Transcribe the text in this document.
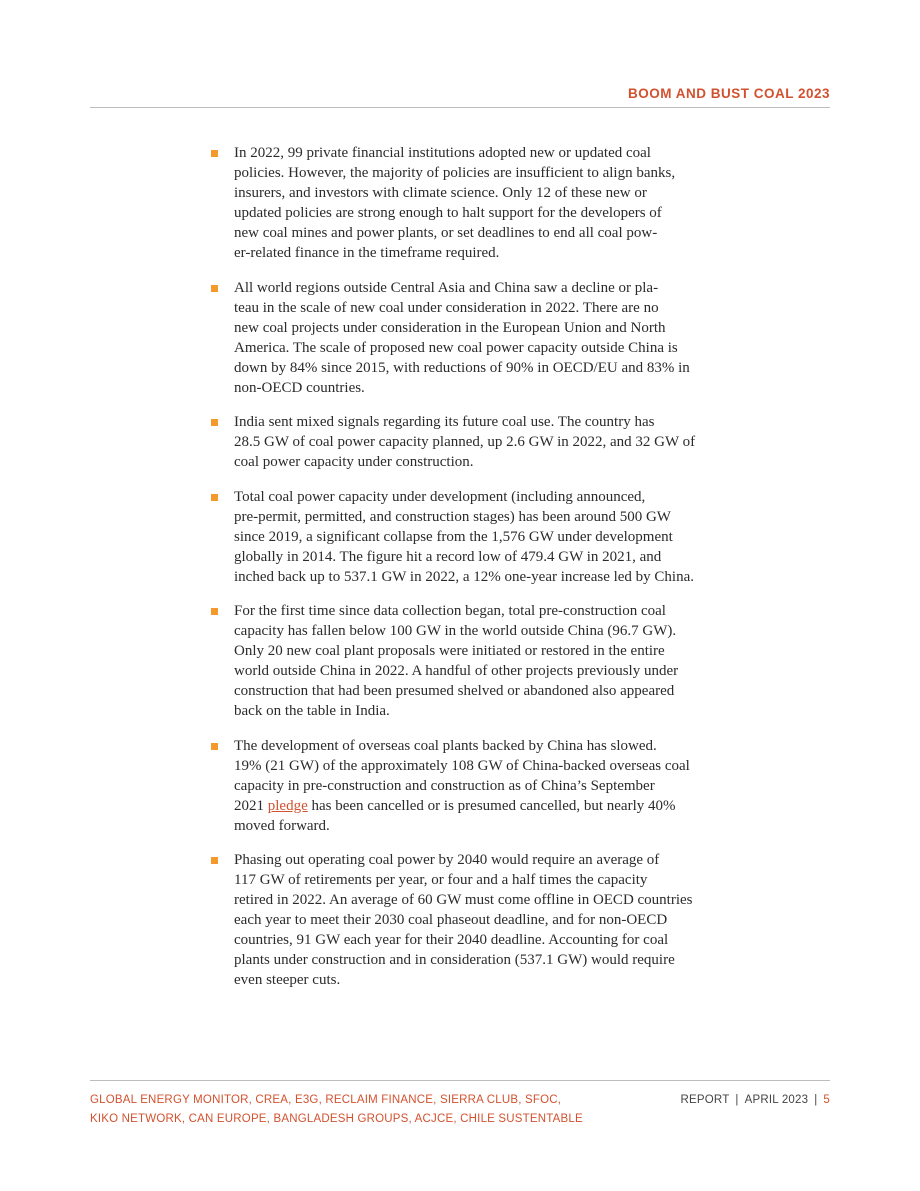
BOOM AND BUST COAL 2023

In 2022, 99 private financial institutions adopted new or updated coal
policies. However, the majority of policies are insufficient to align banks,
insurers, and investors with climate science. Only 12 of these new or
updated policies are strong enough to halt support for the developers of
new coal mines and power plants, or set deadlines to end all coal pow-
er-related finance in the timeframe required.

All world regions outside Central Asia and China saw a decline or pla-
teau in the scale of new coal under consideration in 2022. There are no
new coal projects under consideration in the European Union and North
America. The scale of proposed new coal power capacity outside China is
down by 84% since 2015, with reductions of 90% in OECD/EU and 83% in
non-OECD countries.

India sent mixed signals regarding its future coal use. The country has
28.5 GW of coal power capacity planned, up 2.6 GW in 2022, and 32 GW of
coal power capacity under construction.

Total coal power capacity under development (including announced,
pre-permit, permitted, and construction stages) has been around 500 GW
since 2019, a significant collapse from the 1,576 GW under development
globally in 2014. The figure hit a record low of 479.4 GW in 2021, and
inched back up to 537.1 GW in 2022, a 12% one-year increase led by China.

For the first time since data collection began, total pre-construction coal
capacity has fallen below 100 GW in the world outside China (96.7 GW).
Only 20 new coal plant proposals were initiated or restored in the entire
world outside China in 2022. A handful of other projects previously under
construction that had been presumed shelved or abandoned also appeared
back on the table in India.

The development of overseas coal plants backed by China has slowed.
19% (21 GW) of the approximately 108 GW of China-backed overseas coal
capacity in pre-construction and construction as of China’s September
2021 pledge has been cancelled or is presumed cancelled, but nearly 40%
moved forward.

Phasing out operating coal power by 2040 would require an average of
117 GW of retirements per year, or four and a half times the capacity
retired in 2022. An average of 60 GW must come offline in OECD countries
each year to meet their 2030 coal phaseout deadline, and for non-OECD
countries, 91 GW each year for their 2040 deadline. Accounting for coal
plants under construction and in consideration (537.1 GW) would require
even steeper cuts.

GLOBAL ENERGY MONITOR, CREA, E3G, RECLAIM FINANCE, SIERRA CLUB, SFOC,
KIKO NETWORK, CAN EUROPE, BANGLADESH GROUPS, ACJCE, CHILE SUSTENTABLE
REPORT | APRIL 2023 | 5
